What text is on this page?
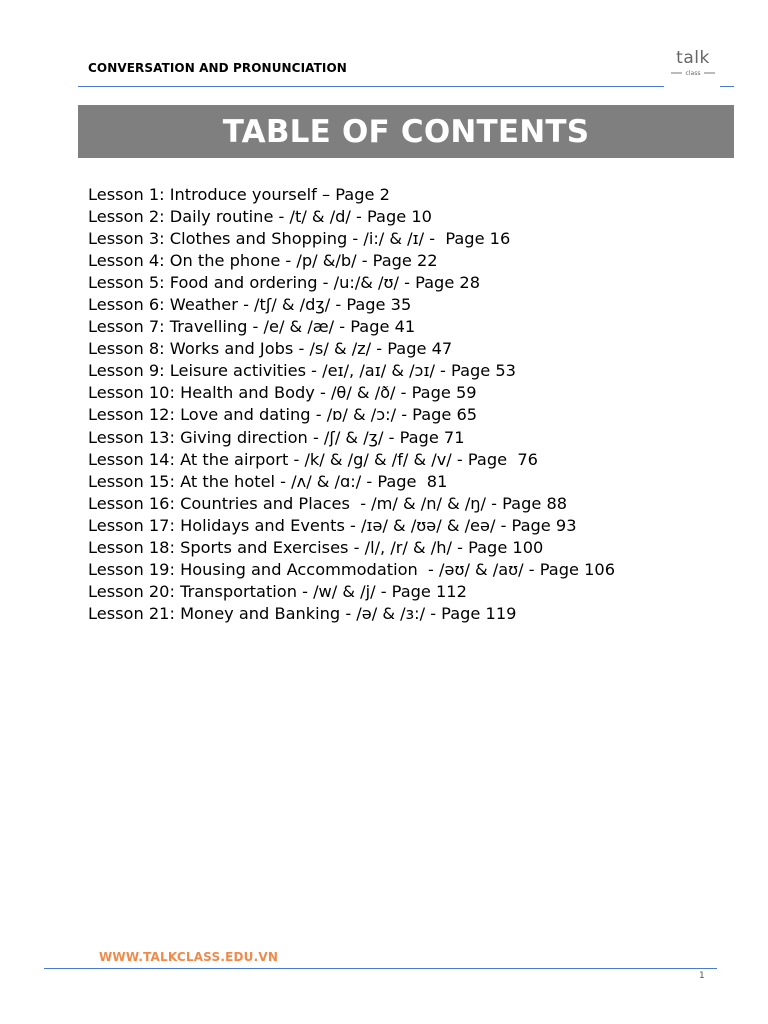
CONVERSATION AND PRONUNCIATION	talk
class
TABLE OF CONTENTS
Lesson 1: Introduce yourself – Page 2
Lesson 2: Daily routine - /t/ & /d/ - Page 10
Lesson 3: Clothes and Shopping - /i:/ & /ɪ/ -  Page 16
Lesson 4: On the phone - /p/ &/b/ - Page 22
Lesson 5: Food and ordering - /u:/& /ʊ/ - Page 28
Lesson 6: Weather - /tʃ/ & /dʒ/ - Page 35
Lesson 7: Travelling - /e/ & /æ/ - Page 41
Lesson 8: Works and Jobs - /s/ & /z/ - Page 47
Lesson 9: Leisure activities - /eɪ/, /aɪ/ & /ɔɪ/ - Page 53
Lesson 10: Health and Body - /θ/ & /ð/ - Page 59
Lesson 12: Love and dating - /ɒ/ & /ɔ:/ - Page 65
Lesson 13: Giving direction - /ʃ/ & /ʒ/ - Page 71
Lesson 14: At the airport - /k/ & /g/ & /f/ & /v/ - Page  76
Lesson 15: At the hotel - /ʌ/ & /ɑ:/ - Page  81
Lesson 16: Countries and Places  - /m/ & /n/ & /ŋ/ - Page 88
Lesson 17: Holidays and Events - /ɪə/ & /ʊə/ & /eə/ - Page 93
Lesson 18: Sports and Exercises - /l/, /r/ & /h/ - Page 100
Lesson 19: Housing and Accommodation  - /əʊ/ & /aʊ/ - Page 106
Lesson 20: Transportation - /w/ & /j/ - Page 112
Lesson 21: Money and Banking - /ə/ & /ɜ:/ - Page 119
WWW.TALKCLASS.EDU.VN
1
